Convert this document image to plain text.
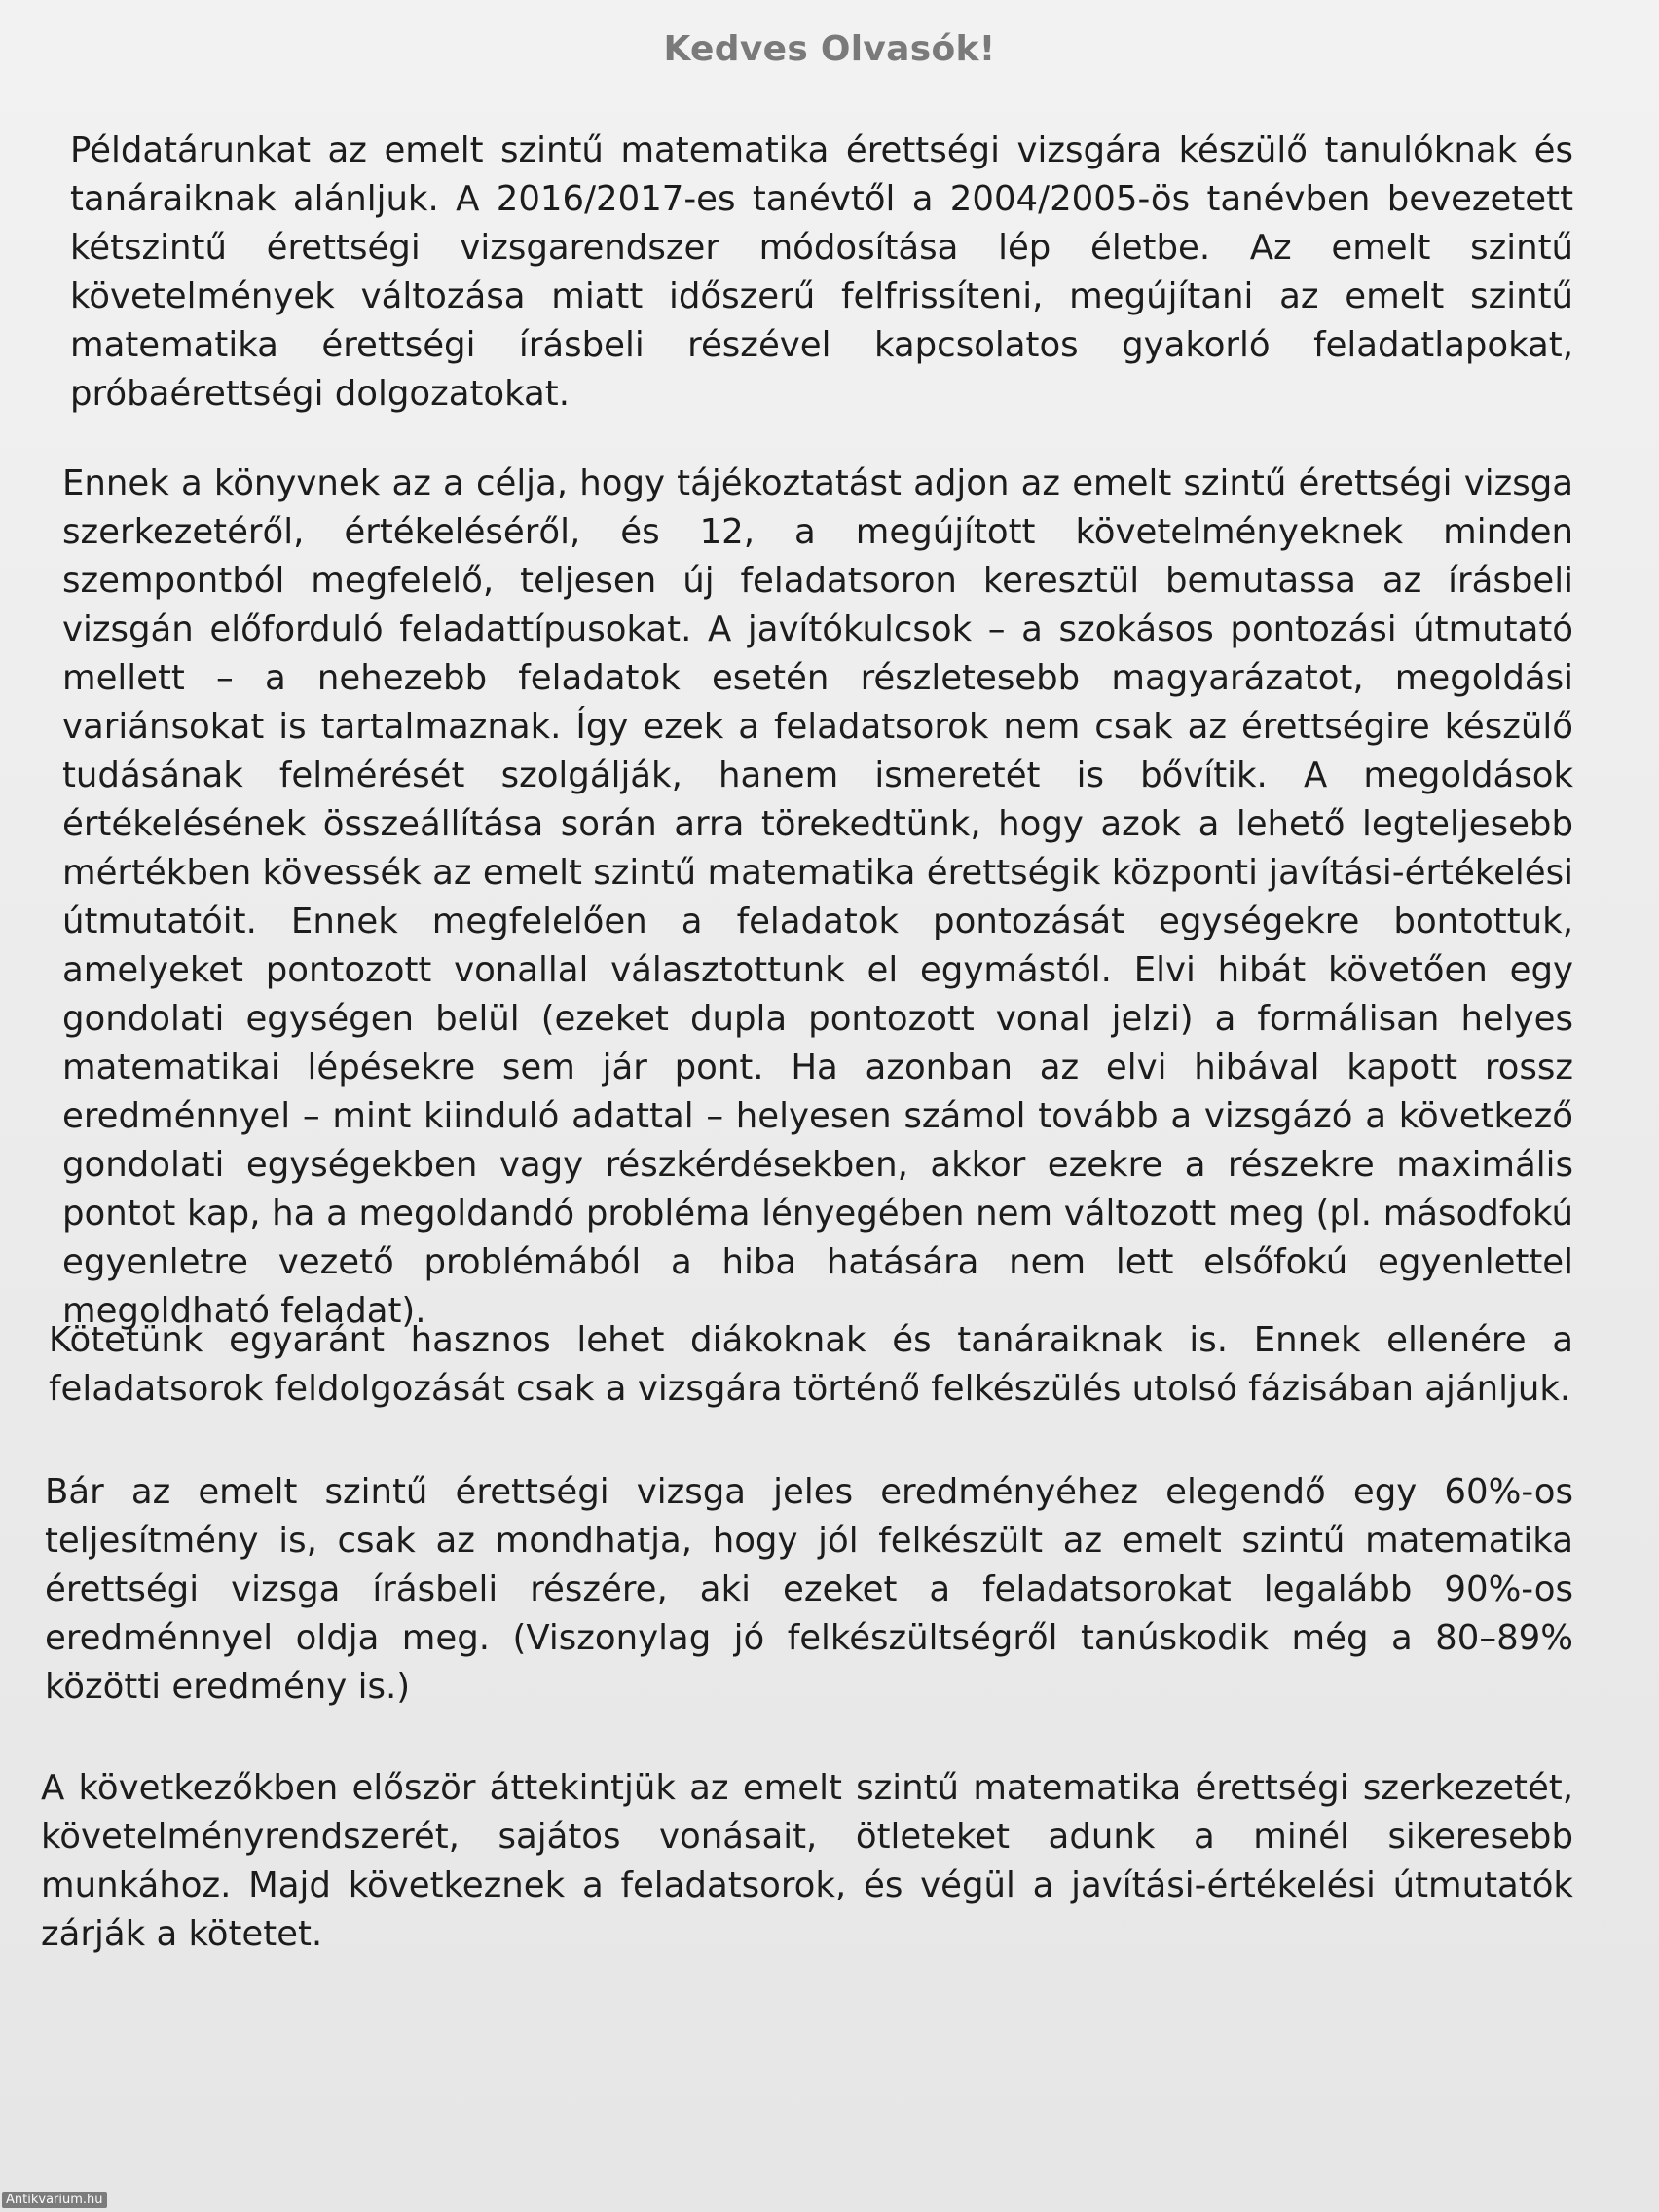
Kedves Olvasók!

Példatárunkat az emelt szintű matematika érettségi vizsgára készülő tanulóknak és tanáraiknak alánljuk. A 2016/2017-es tanévtől a 2004/2005-ös tanévben bevezetett kétszintű érettségi vizsgarendszer módosítása lép életbe. Az emelt szintű követelmények változása miatt időszerű felfrissíteni, megújítani az emelt szintű matematika érettségi írásbeli részével kapcsolatos gyakorló feladatlapokat, próbaérettségi dolgozatokat.

Ennek a könyvnek az a célja, hogy tájékoztatást adjon az emelt szintű érettségi vizsga szerkezetéről, értékeléséről, és 12, a megújított követelményeknek minden szempontból megfelelő, teljesen új feladatsoron keresztül bemutassa az írásbeli vizsgán előforduló feladattípusokat. A javítókulcsok – a szokásos pontozási útmutató mellett – a nehezebb feladatok esetén részletesebb magyarázatot, megoldási variánsokat is tartalmaznak. Így ezek a feladatsorok nem csak az érettségire készülő tudásának felmérését szolgálják, hanem ismeretét is bővítik. A megoldások értékelésének összeállítása során arra törekedtünk, hogy azok a lehető legteljesebb mértékben kövessék az emelt szintű matematika érettségik központi javítási-értékelési útmutatóit. Ennek megfelelően a feladatok pontozását egységekre bontottuk, amelyeket pontozott vonallal választottunk el egymástól. Elvi hibát követően egy gondolati egységen belül (ezeket dupla pontozott vonal jelzi) a formálisan helyes matematikai lépésekre sem jár pont. Ha azonban az elvi hibával kapott rossz eredménnyel – mint kiinduló adattal – helyesen számol tovább a vizsgázó a következő gondolati egységekben vagy részkérdésekben, akkor ezekre a részekre maximális pontot kap, ha a megoldandó probléma lényegében nem változott meg (pl. másodfokú egyenletre vezető problémából a hiba hatására nem lett elsőfokú egyenlettel megoldható feladat).

Kötetünk egyaránt hasznos lehet diákoknak és tanáraiknak is. Ennek ellenére a feladatsorok feldolgozását csak a vizsgára történő felkészülés utolsó fázisában ajánljuk.

Bár az emelt szintű érettségi vizsga jeles eredményéhez elegendő egy 60%-os teljesítmény is, csak az mondhatja, hogy jól felkészült az emelt szintű matematika érettségi vizsga írásbeli részére, aki ezeket a feladatsorokat legalább 90%-os eredménnyel oldja meg. (Viszonylag jó felkészültségről tanúskodik még a 80–89% közötti eredmény is.)

A következőkben először áttekintjük az emelt szintű matematika érettségi szerkezetét, követelményrendszerét, sajátos vonásait, ötleteket adunk a minél sikeresebb munkához. Majd következnek a feladatsorok, és végül a javítási-értékelési útmutatók zárják a kötetet.

Antikvarium.hu
